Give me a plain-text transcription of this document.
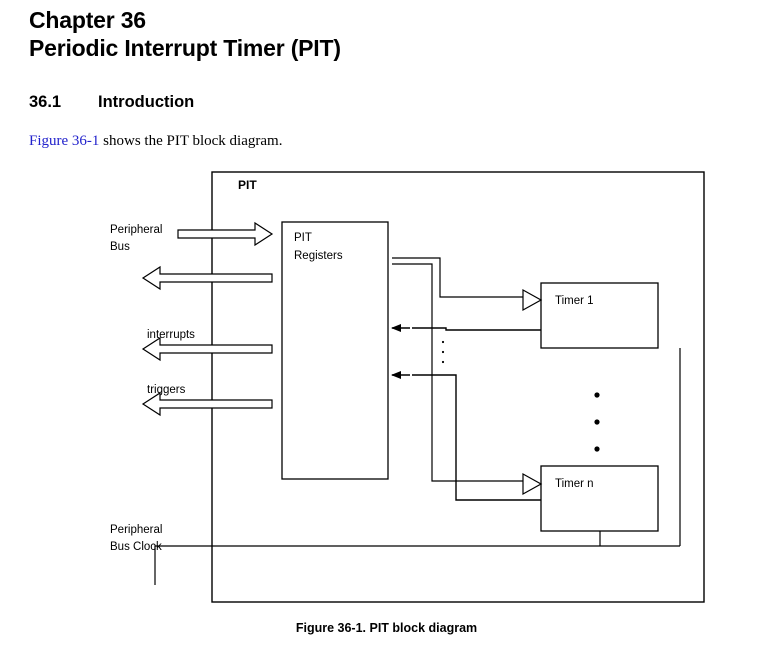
Chapter 36
Periodic Interrupt Timer (PIT)
36.1 Introduction
Figure 36-1 shows the PIT block diagram.
PIT
PIT
Registers
Timer 1
Timer n
Peripheral
Bus
interrupts
triggers
Peripheral
Bus Clock
Figure 36-1. PIT block diagram
